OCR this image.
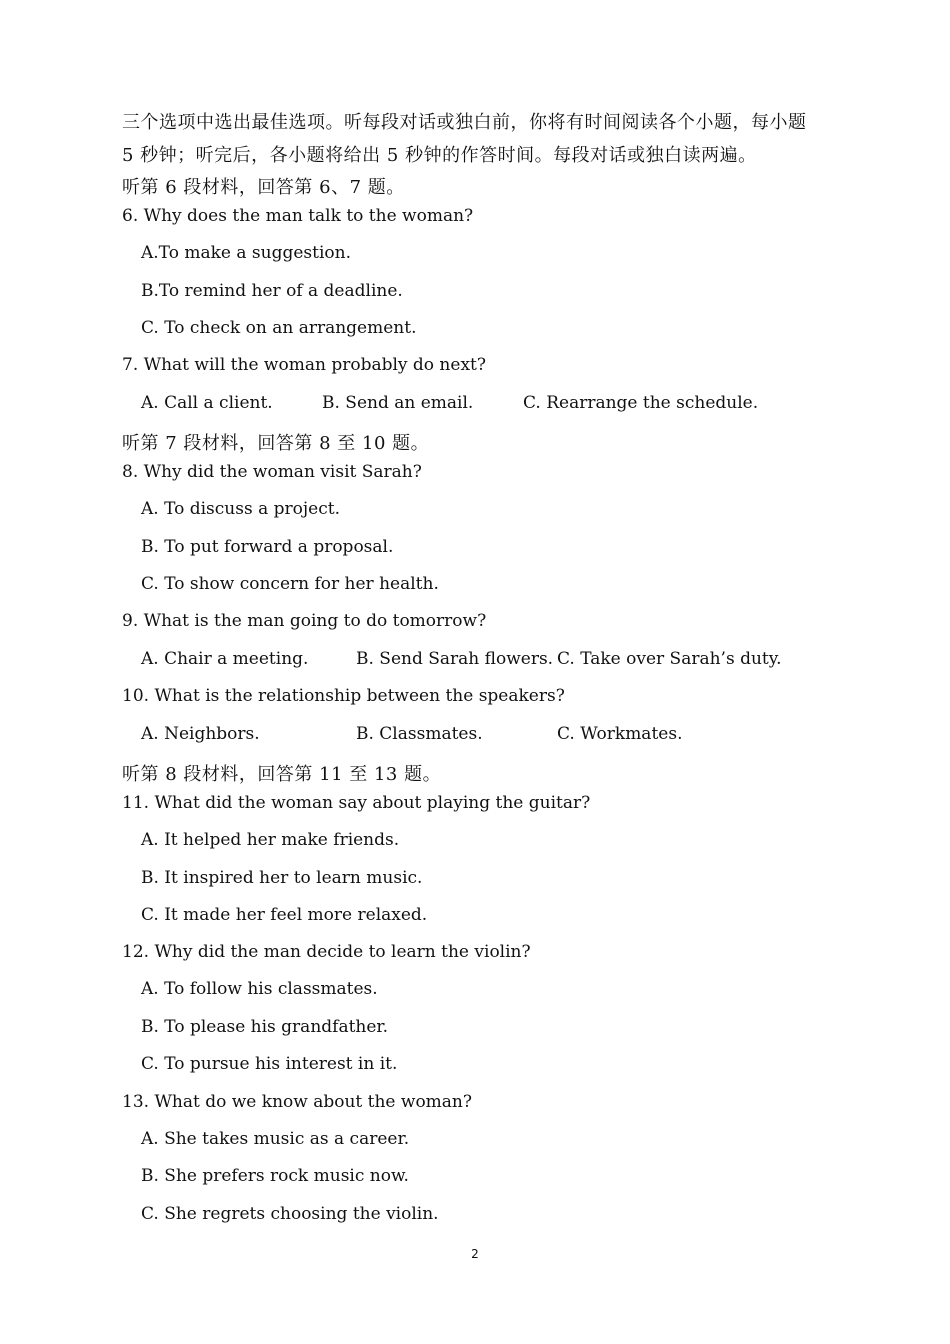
三个选项中选出最佳选项。听每段对话或独白前，你将有时间阅读各个小题，每小题
5 秒钟；听完后，各小题将给出 5 秒钟的作答时间。每段对话或独白读两遍。
听第 6 段材料，回答第 6、7 题。
6. Why does the man talk to the woman?
A.To make a suggestion.
B.To remind her of a deadline.
C. To check on an arrangement.
7. What will the woman probably do next?
A. Call a client.	B. Send an email.	C. Rearrange the schedule.
听第 7 段材料，回答第 8 至 10 题。
8. Why did the woman visit Sarah?
A. To discuss a project.
B. To put forward a proposal.
C. To show concern for her health.
9. What is the man going to do tomorrow?
A. Chair a meeting.	B. Send Sarah flowers. C. Take over Sarah’s duty.
10. What is the relationship between the speakers?
A. Neighbors.	B. Classmates.	C. Workmates.
听第 8 段材料，回答第 11 至 13 题。
11. What did the woman say about playing the guitar?
A. It helped her make friends.
B. It inspired her to learn music.
C. It made her feel more relaxed.
12. Why did the man decide to learn the violin?
A. To follow his classmates.
B. To please his grandfather.
C. To pursue his interest in it.
13. What do we know about the woman?
A. She takes music as a career.
B. She prefers rock music now.
C. She regrets choosing the violin.
2
